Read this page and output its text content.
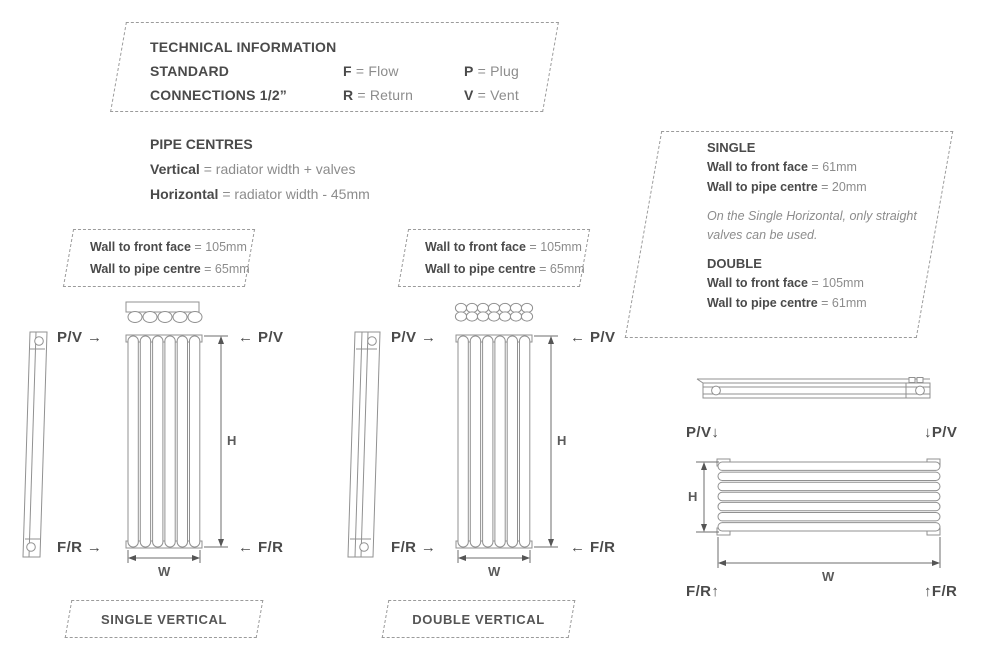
TECHNICAL INFORMATION
STANDARD	F = Flow	P = Plug
CONNECTIONS 1/2”	R = Return	V = Vent
PIPE CENTRES
Vertical = radiator width + valves
Horizontal = radiator width - 45mm
Wall to front face = 105mm
Wall to pipe centre = 65mm
Wall to front face = 105mm
Wall to pipe centre = 65mm
SINGLE
Wall to front face = 61mm
Wall to pipe centre = 20mm
On the Single Horizontal, only straight valves can be used.
DOUBLE
Wall to front face = 105mm
Wall to pipe centre = 61mm
P/V →	← P/V
F/R →	← F/R
H
W
P/V →	← P/V
F/R →	← F/R
H
W
P/V↓	↓P/V
F/R↑	↑F/R
H
W
SINGLE VERTICAL	DOUBLE VERTICAL
